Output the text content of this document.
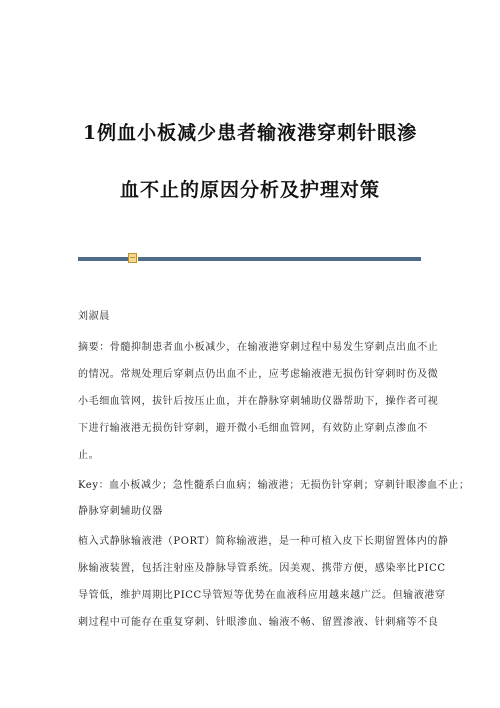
1例血小板减少患者输液港穿刺针眼渗
血不止的原因分析及护理对策
刘淑晨
摘要：骨髓抑制患者血小板减少，在输液港穿刺过程中易发生穿刺点出血不止
的情况。常规处理后穿刺点仍出血不止，应考虑输液港无损伤针穿刺时伤及微
小毛细血管网，拔针后按压止血，并在静脉穿刺辅助仪器帮助下，操作者可视
下进行输液港无损伤针穿刺，避开微小毛细血管网，有效防止穿刺点渗血不
止。
Key：血小板减少；急性髓系白血病；输液港；无损伤针穿刺；穿刺针眼渗血不止；
静脉穿刺辅助仪器
植入式静脉输液港（PORT）简称输液港，是一种可植入皮下长期留置体内的静
脉输液装置，包括注射座及静脉导管系统。因美观、携带方便，感染率比PICC
导管低，维护周期比PICC导管短等优势在血液科应用越来越广泛。但输液港穿
刺过程中可能存在重复穿刺、针眼渗血、输液不畅、留置渗液、针刺痛等不良
